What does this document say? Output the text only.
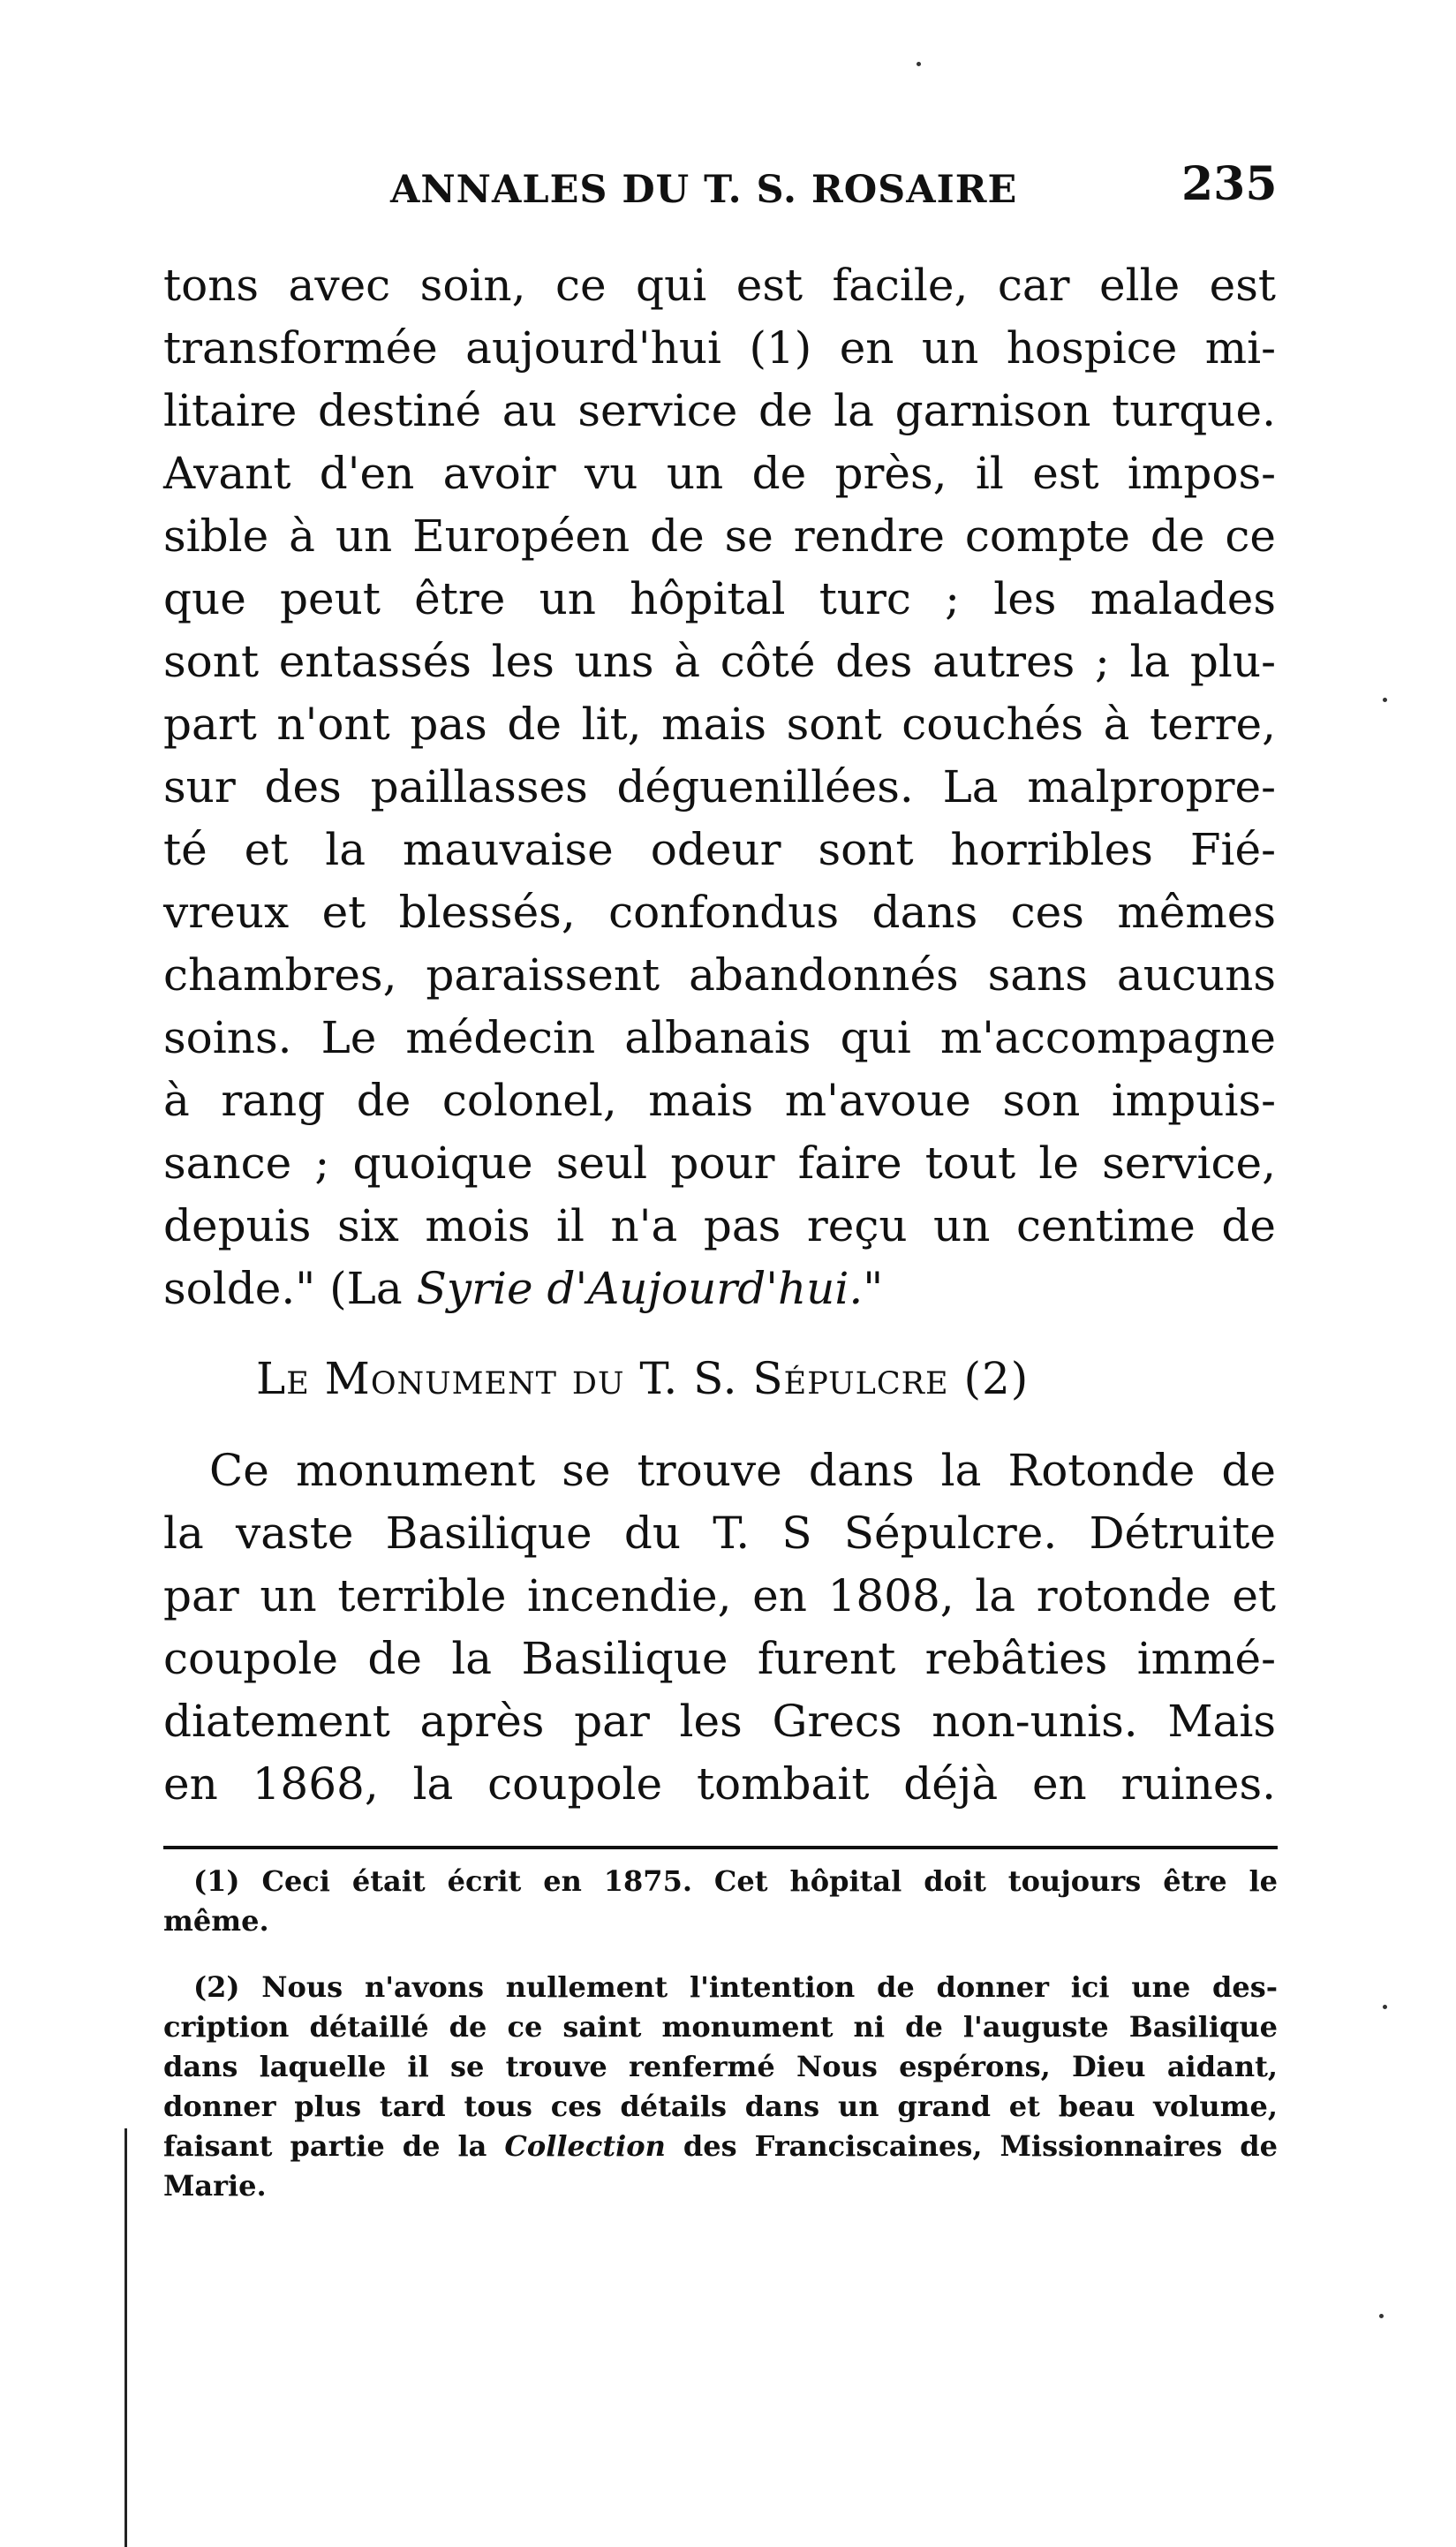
ANNALES DU T. S. ROSAIRE	235
tons avec soin, ce qui est facile, car elle est
transformée aujourd'hui (1) en un hospice mi-
litaire destiné au service de la garnison turque.
Avant d'en avoir vu un de près, il est impos-
sible à un Européen de se rendre compte de ce
que peut être un hôpital turc ; les malades
sont entassés les uns à côté des autres ; la plu-
part n'ont pas de lit, mais sont couchés à terre,
sur des paillasses déguenillées. La malpropre-
té et la mauvaise odeur sont horribles Fié-
vreux et blessés, confondus dans ces mêmes
chambres, paraissent abandonnés sans aucuns
soins. Le médecin albanais qui m'accompagne
à rang de colonel, mais m'avoue son impuis-
sance ; quoique seul pour faire tout le service,
depuis six mois il n'a pas reçu un centime de
solde." (La Syrie d'Aujourd'hui."
Le Monument du T. S. Sépulcre (2)
Ce monument se trouve dans la Rotonde de
la vaste Basilique du T. S Sépulcre. Détruite
par un terrible incendie, en 1808, la rotonde et
coupole de la Basilique furent rebâties immé-
diatement après par les Grecs non-unis. Mais
en 1868, la coupole tombait déjà en ruines.
(1) Ceci était écrit en 1875. Cet hôpital doit toujours être le
même.
(2) Nous n'avons nullement l'intention de donner ici une des-
cription détaillé de ce saint monument ni de l'auguste Basilique
dans laquelle il se trouve renfermé Nous espérons, Dieu aidant,
donner plus tard tous ces détails dans un grand et beau volume,
faisant partie de la Collection des Franciscaines, Missionnaires de
Marie.
